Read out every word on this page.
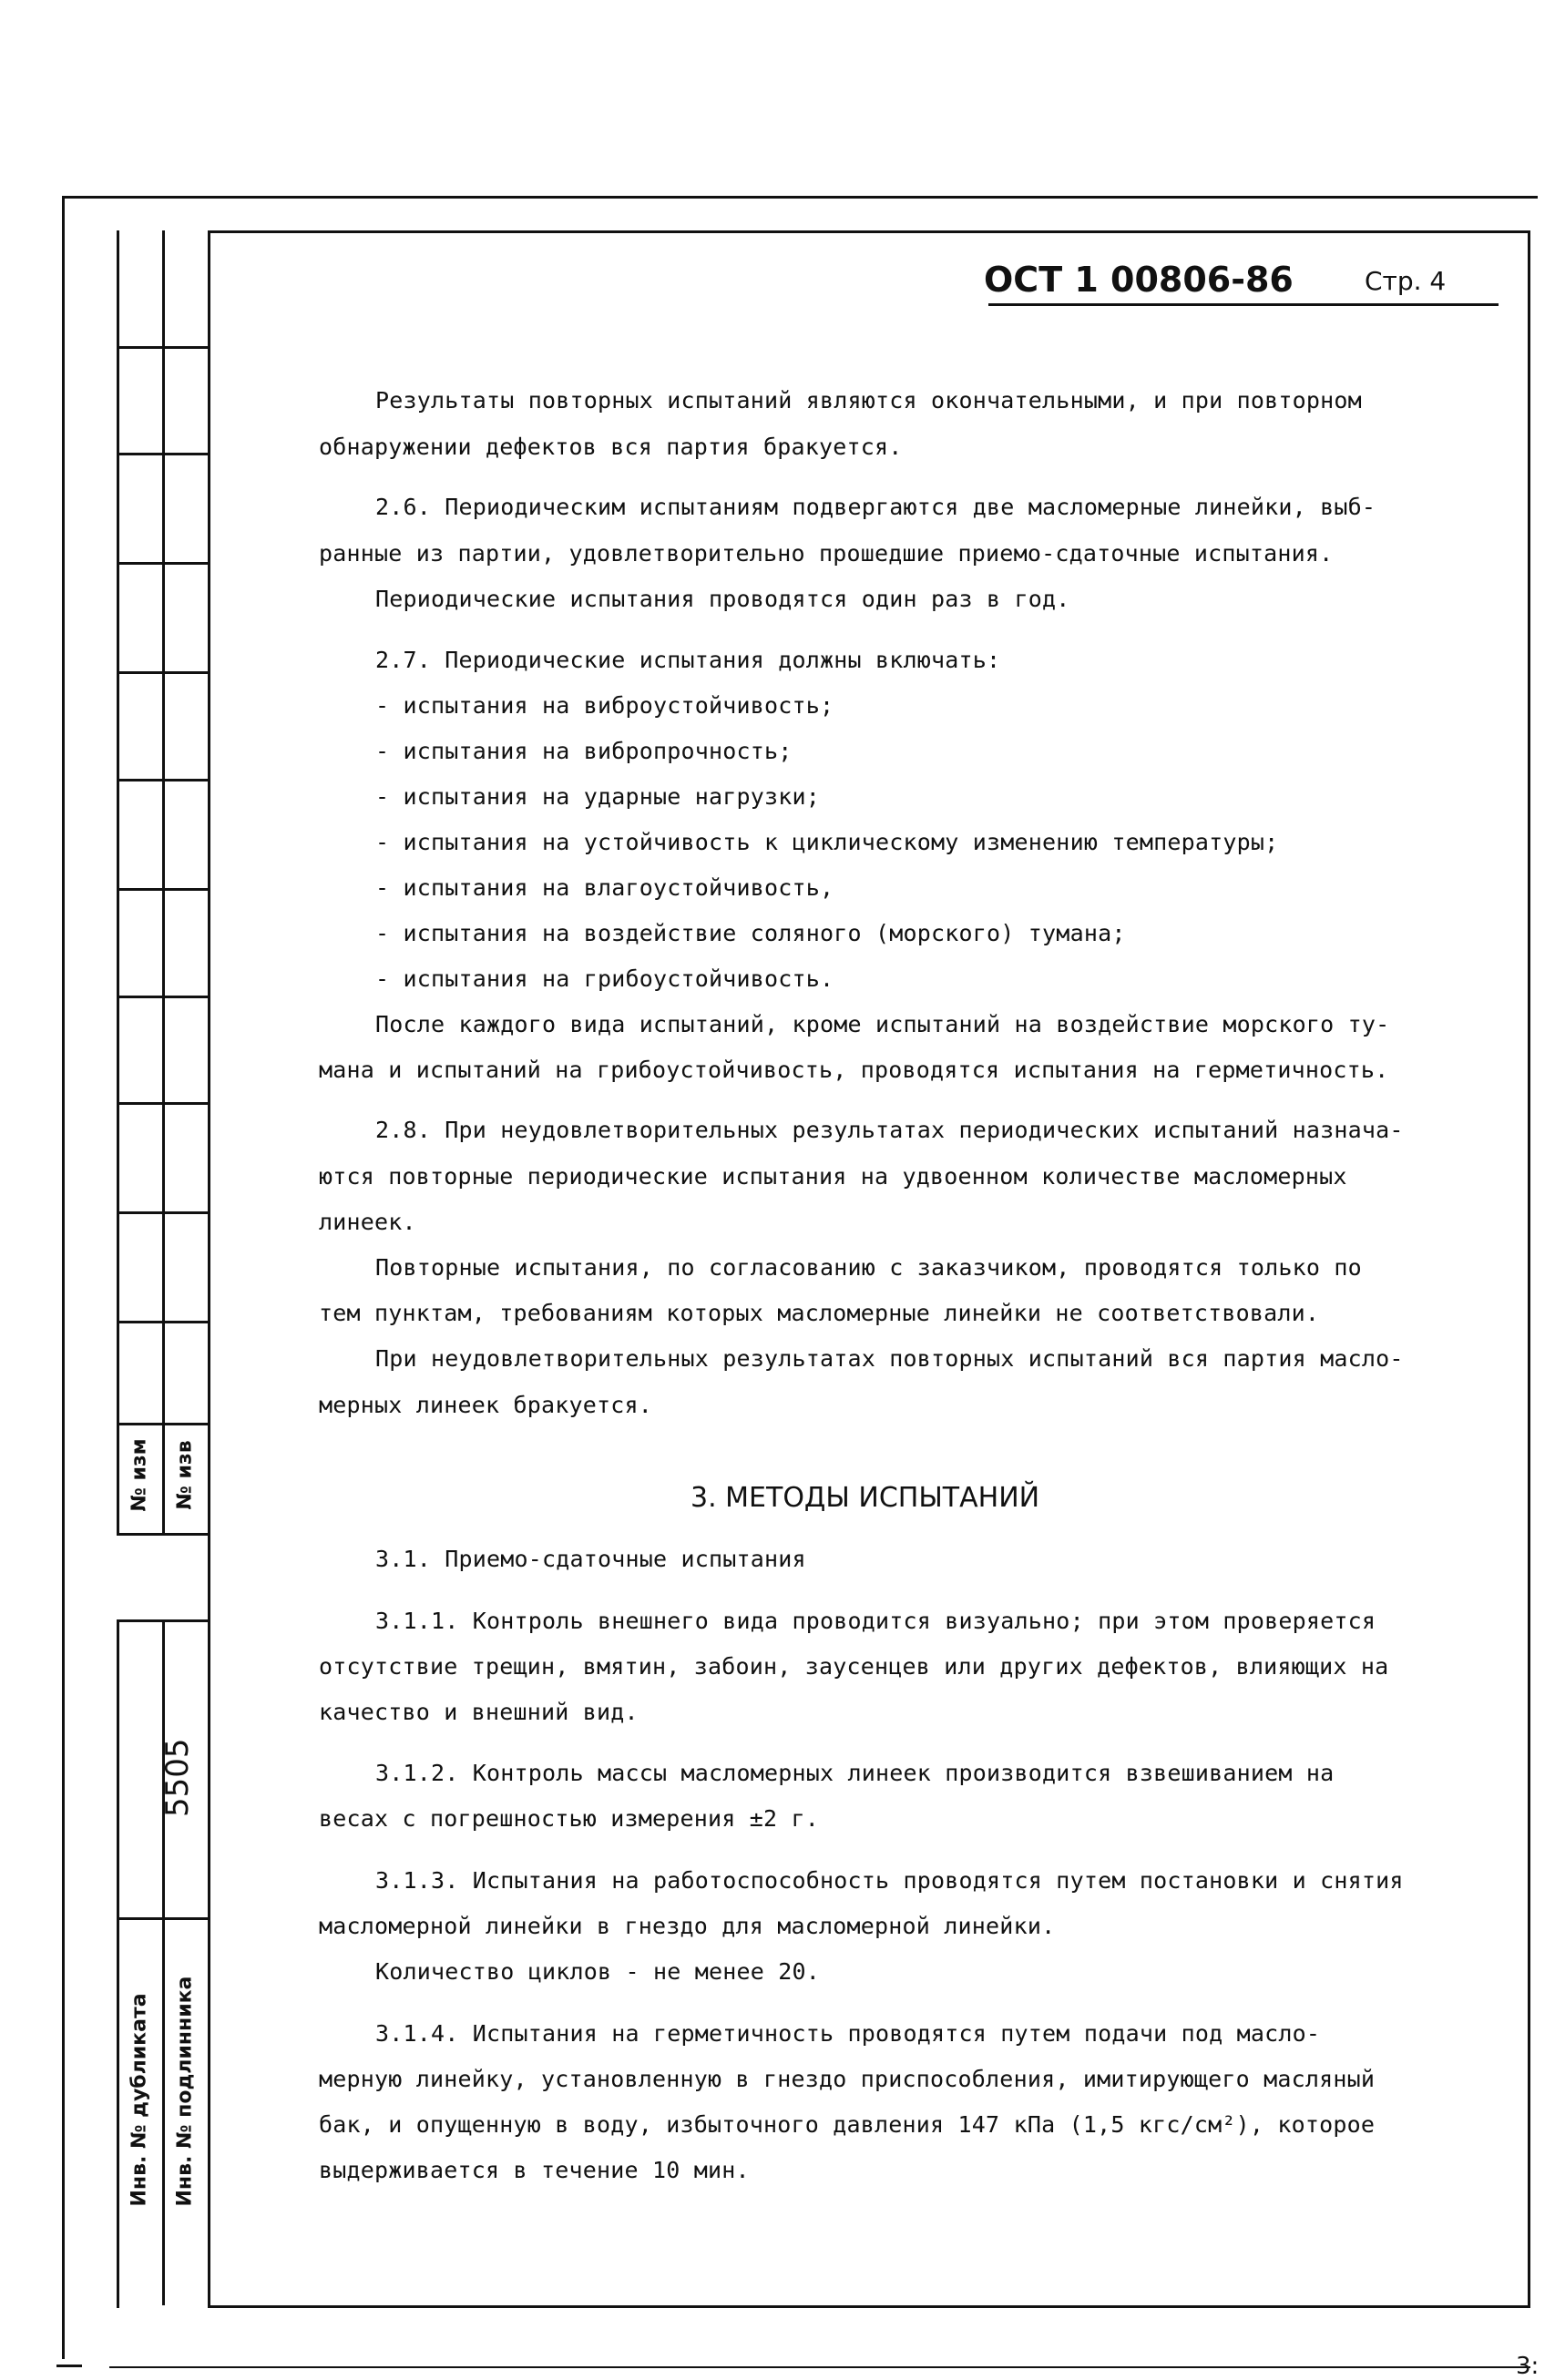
№ изм № изв
5505
Инв. № дубликата Инв. № подлинника
ОСТ 1 00806-86	Стр. 4
Результаты повторных испытаний являются окончательными, и при повторном
обнаружении дефектов вся партия бракуется.
2.6. Периодическим испытаниям подвергаются две масломерные линейки, выб-
ранные из партии, удовлетворительно прошедшие приемо-сдаточные испытания.
Периодические испытания проводятся один раз в год.
2.7. Периодические испытания должны включать:
- испытания на виброустойчивость;
- испытания на вибропрочность;
- испытания на ударные нагрузки;
- испытания на устойчивость к циклическому изменению температуры;
- испытания на влагоустойчивость,
- испытания на воздействие соляного (морского) тумана;
- испытания на грибоустойчивость.
После каждого вида испытаний, кроме испытаний на воздействие морского ту-
мана и испытаний на грибоустойчивость, проводятся испытания на герметичность.
2.8. При неудовлетворительных результатах периодических испытаний назнача-
ются повторные периодические испытания на удвоенном количестве масломерных
линеек.
Повторные испытания, по согласованию с заказчиком, проводятся только по
тем пунктам, требованиям которых масломерные линейки не соответствовали.
При неудовлетворительных результатах повторных испытаний вся партия масло-
мерных линеек бракуется.
3. МЕТОДЫ ИСПЫТАНИЙ
3.1. Приемо-сдаточные испытания
3.1.1. Контроль внешнего вида проводится визуально; при этом проверяется
отсутствие трещин, вмятин, забоин, заусенцев или других дефектов, влияющих на
качество и внешний вид.
3.1.2. Контроль массы масломерных линеек производится взвешиванием на
весах с погрешностью измерения ±2 г.
3.1.3. Испытания на работоспособность проводятся путем постановки и снятия
масломерной линейки в гнездо для масломерной линейки.
Количество циклов - не менее 20.
3.1.4. Испытания на герметичность проводятся путем подачи под масло-
мерную линейку, установленную в гнездо приспособления, имитирующего масляный
бак, и опущенную в воду, избыточного давления 147 кПа (1,5 кгс/см²), которое
выдерживается в течение 10 мин.
3:
